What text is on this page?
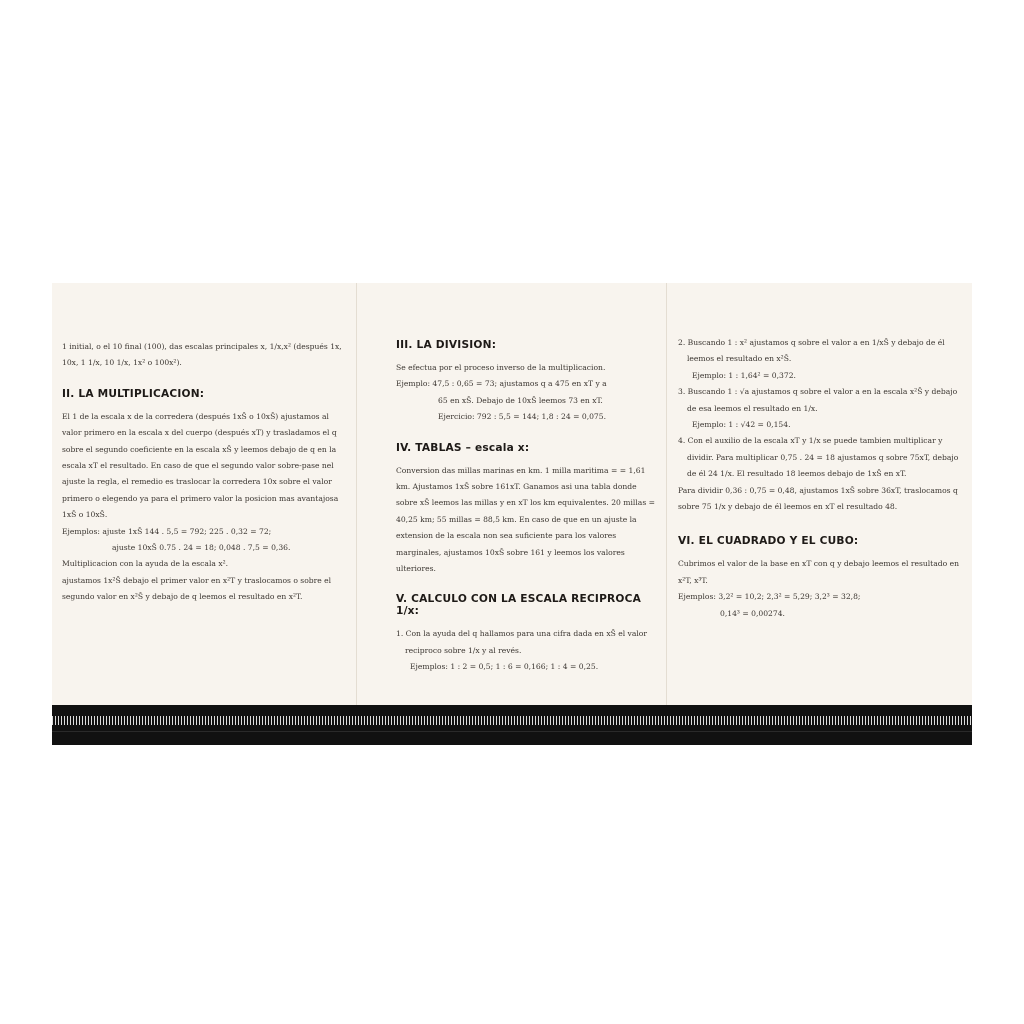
1 initial, o el 10 final (100), das escalas principales x, 1/x,x² (después 1x, 10x, 1 1/x, 10 1/x, 1x² o 100x²).

II. LA MULTIPLICACION:

El 1 de la escala x de la corredera (después 1xŜ o 10xŜ) ajustamos al valor primero en la escala x del cuerpo (después xT) y trasladamos el q sobre el segundo coeficiente en la escala xŜ y leemos debajo de q en la escala xT el resultado. En caso de que el segundo valor sobre-pase nel ajuste la regla, el remedio es traslocar la corredera 10x sobre el valor primero o elegendo ya para el primero valor la posicion mas avantajosa 1xŜ o 10xŜ.

Ejemplos: ajuste 1xŜ 144 . 5,5 = 792; 225 . 0,32 = 72;

ajuste 10xŜ 0.75 . 24 = 18; 0,048 . 7,5 = 0,36.

Multiplicacion con la ayuda de la escala x².

ajustamos 1x²Ŝ debajo el primer valor en x²T y traslocamos o sobre el segundo valor en x²Ŝ y debajo de q leemos el resultado en x²T.

III. LA DIVISION:

Se efectua por el proceso inverso de la multiplicacion.

Ejemplo: 47,5 : 0,65 = 73; ajustamos q a 475 en xT y a

65 en xŜ. Debajo de 10xŜ leemos 73 en xT.

Ejercicio: 792 : 5,5 = 144; 1,8 : 24 = 0,075.

IV. TABLAS – escala x:

Conversion das millas marinas en km. 1 milla maritima = = 1,61 km. Ajustamos 1xŜ sobre 161xT. Ganamos asi una tabla donde sobre xŜ leemos las millas y en xT los km equivalentes. 20 millas = 40,25 km; 55 millas = 88,5 km. En caso de que en un ajuste la extension de la escala non sea suficiente para los valores marginales, ajustamos 10xŜ sobre 161 y leemos los valores ulteriores.

V. CALCULO CON LA ESCALA RECIPROCA 1/x:

1. Con la ayuda del q hallamos para una cifra dada en xŜ el valor reciproco sobre 1/x y al revés.

Ejemplos: 1 : 2 = 0,5; 1 : 6 = 0,166; 1 : 4 = 0,25.

2. Buscando 1 : x² ajustamos q sobre el valor a en 1/xŜ y debajo de él leemos el resultado en x²Ŝ.

Ejemplo: 1 : 1,64² = 0,372.

3. Buscando 1 : √a ajustamos q sobre el valor a en la escala x²Ŝ y debajo de esa leemos el resultado en 1/x.

Ejemplo: 1 : √42 = 0,154.

4. Con el auxilio de la escala xT y 1/x se puede tambien multiplicar y dividir. Para multiplicar 0,75 . 24 = 18 ajustamos q sobre 75xT, debajo de él 24 1/x. El resultado 18 leemos debajo de 1xŜ en xT.

Para dividir 0,36 : 0,75 = 0,48, ajustamos 1xŜ sobre 36xT, traslocamos q sobre 75 1/x y debajo de él leemos en xT el resultado 48.

VI. EL CUADRADO Y EL CUBO:

Cubrimos el valor de la base en xT con q y debajo leemos el resultado en x²T, x³T.

Ejemplos: 3,2² = 10,2; 2,3² = 5,29; 3,2³ = 32,8;

0,14³ = 0,00274.
